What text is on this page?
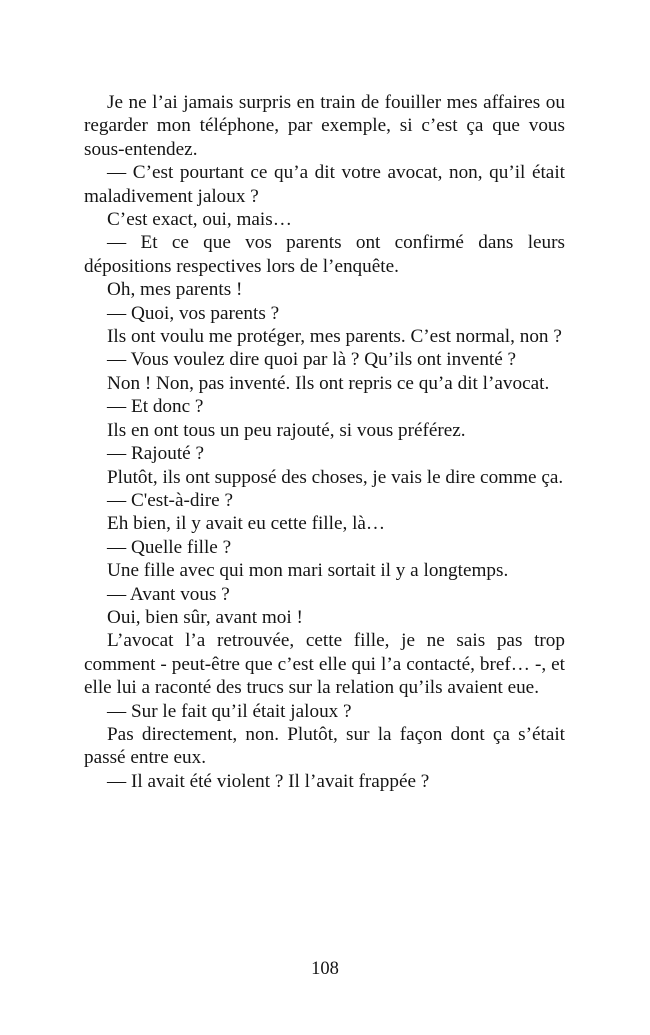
Je ne l’ai jamais surpris en train de fouiller mes affaires ou regarder mon téléphone, par exemple, si c’est ça que vous sous-entendez.

— C’est pourtant ce qu’a dit votre avocat, non, qu’il était maladivement jaloux ?

C’est exact, oui, mais…

— Et ce que vos parents ont confirmé dans leurs dépositions respectives lors de l’enquête.

Oh, mes parents !

— Quoi, vos parents ?

Ils ont voulu me protéger, mes parents. C’est normal, non ?

— Vous voulez dire quoi par là ? Qu’ils ont inventé ?

Non ! Non, pas inventé. Ils ont repris ce qu’a dit l’avocat.

— Et donc ?

Ils en ont tous un peu rajouté, si vous préférez.

— Rajouté ?

Plutôt, ils ont supposé des choses, je vais le dire comme ça.

— C'est-à-dire ?

Eh bien, il y avait eu cette fille, là…

— Quelle fille ?

Une fille avec qui mon mari sortait il y a longtemps.

— Avant vous ?

Oui, bien sûr, avant moi !

L’avocat l’a retrouvée, cette fille, je ne sais pas trop comment - peut-être que c’est elle qui l’a contacté, bref… -, et elle lui a raconté des trucs sur la relation qu’ils avaient eue.

— Sur le fait qu’il était jaloux ?

Pas directement, non. Plutôt, sur la façon dont ça s’était passé entre eux.

— Il avait été violent ? Il l’avait frappée ?

108
